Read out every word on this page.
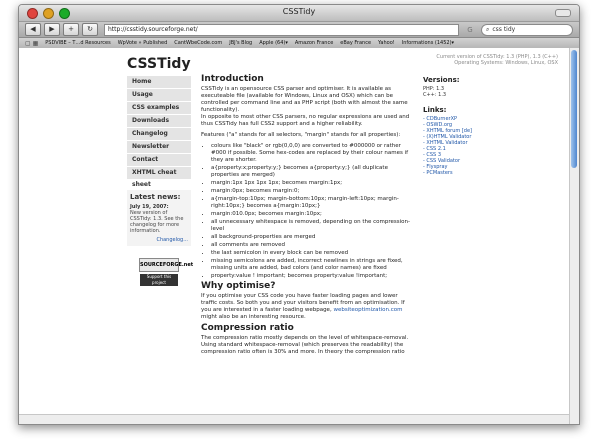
CSSTidy
◀	▶	+	↻	http://csstidy.sourceforge.net/	G	⌕ css tidy
▢ ▦ PSDVIBE – T…d Resources WpVote » Published CantWbeCode.com JBJ's Blog Apple (64)▾ Amazon France eBay France Yahoo! Informations (1452)▾
CSSTidy	Current version of CSSTidy: 1.3 (PHP), 1.3 (C++)
Operating Systems: Windows, Linux, OSX
Home
Usage
CSS examples
Downloads
Changelog
Newsletter
Contact
XHTML cheat sheet
Latest news:
July 19, 2007:
New version of CSSTidy: 1.3. See the changelog for more information.
Changelog...
SOURCEFORGE.net
Support this project
Introduction

CSSTidy is an opensource CSS parser and optimiser. It is available as executeable file (available for Windows, Linux and OSX) which can be controlled per command line and as PHP script (both with almost the same functionality).
In opposite to most other CSS parsers, no regular expressions are used and thus CSSTidy has full CSS2 support and a higher reliability.

Features ("a" stands for all selectors, "margin" stands for all properties):

• colours like "black" or rgb(0,0,0) are converted to #000000 or rather #000 if possible. Some hex-codes are replaced by their colour names if they are shorter.
• a{property:x;property:y;} becomes a{property:y;} (all duplicate properties are merged)
• margin:1px 1px 1px 1px; becomes margin:1px;
• margin:0px; becomes margin:0;
• a{margin-top:10px; margin-bottom:10px; margin-left:10px; margin-right:10px;} becomes a{margin:10px;}
• margin:010.0px; becomes margin:10px;
• all unnecessary whitespace is removed, depending on the compression-level
• all background-properties are merged
• all comments are removed
• the last semicolon in every block can be removed
• missing semicolons are added, incorrect newlines in strings are fixed, missing units are added, bad colors (and color names) are fixed
• property:value ! important; becomes property:value !important;
Why optimise?

If you optimise your CSS code you have faster loading pages and lower traffic costs. So both you and your visitors benefit from an optimisation. If you are interested in a faster loading webpage, websiteoptimization.com might also be an interesting resource.

Compression ratio

The compression ratio mostly depends on the level of whitespace-removal. Using standard whitespace-removal (which preserves the readability) the compression ratio often is 30% and more. In theory the compression ratio

Versions:
PHP: 1.3
C++: 1.3
Links:
- CDBurnerXP
- OSWD.org
- XHTML forum [de]
- (X)HTML Validator
- XHTML Validator
- CSS 2.1
- CSS 3
- CSS Validator
- Flyspray
- PCMasters
